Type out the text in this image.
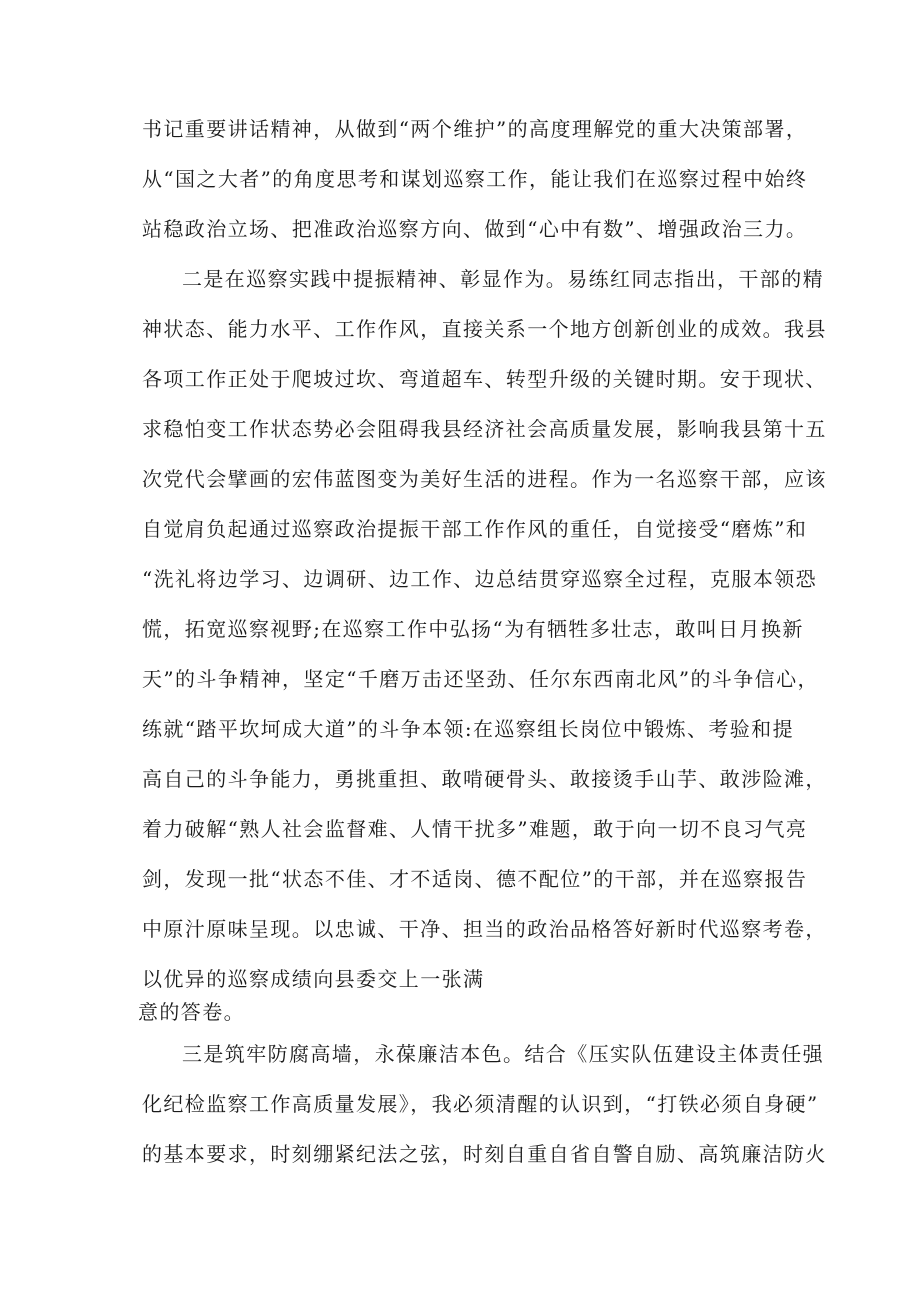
书记重要讲话精神，从做到“两个维护”的高度理解党的重大决策部署，
从“国之大者”的角度思考和谋划巡察工作，能让我们在巡察过程中始终
站稳政治立场、把准政治巡察方向、做到“心中有数”、增强政治三力。
二是在巡察实践中提振精神、彰显作为。易练红同志指出，干部的精
神状态、能力水平、工作作风，直接关系一个地方创新创业的成效。我县
各项工作正处于爬坡过坎、弯道超车、转型升级的关键时期。安于现状、
求稳怕变工作状态势必会阻碍我县经济社会高质量发展，影响我县第十五
次党代会擘画的宏伟蓝图变为美好生活的进程。作为一名巡察干部，应该
自觉肩负起通过巡察政治提振干部工作作风的重任，自觉接受“磨炼”和
“洗礼将边学习、边调研、边工作、边总结贯穿巡察全过程，克服本领恐
慌，拓宽巡察视野;在巡察工作中弘扬“为有牺牲多壮志，敢叫日月换新
天”的斗争精神，坚定“千磨万击还坚劲、任尔东西南北风”的斗争信心，
练就“踏平坎坷成大道”的斗争本领:在巡察组长岗位中锻炼、考验和提
高自己的斗争能力，勇挑重担、敢啃硬骨头、敢接烫手山芋、敢涉险滩，
着力破解“熟人社会监督难、人情干扰多”难题，敢于向一切不良习气亮
剑，发现一批“状态不佳、才不适岗、德不配位”的干部，并在巡察报告
中原汁原味呈现。以忠诚、干净、担当的政治品格答好新时代巡察考卷，
以优异的巡察成绩向县委交上一张满
意的答卷。
三是筑牢防腐高墙，永葆廉洁本色。结合《压实队伍建设主体责任强
化纪检监察工作高质量发展》，我必须清醒的认识到，“打铁必须自身硬”
的基本要求，时刻绷紧纪法之弦，时刻自重自省自警自励、高筑廉洁防火
